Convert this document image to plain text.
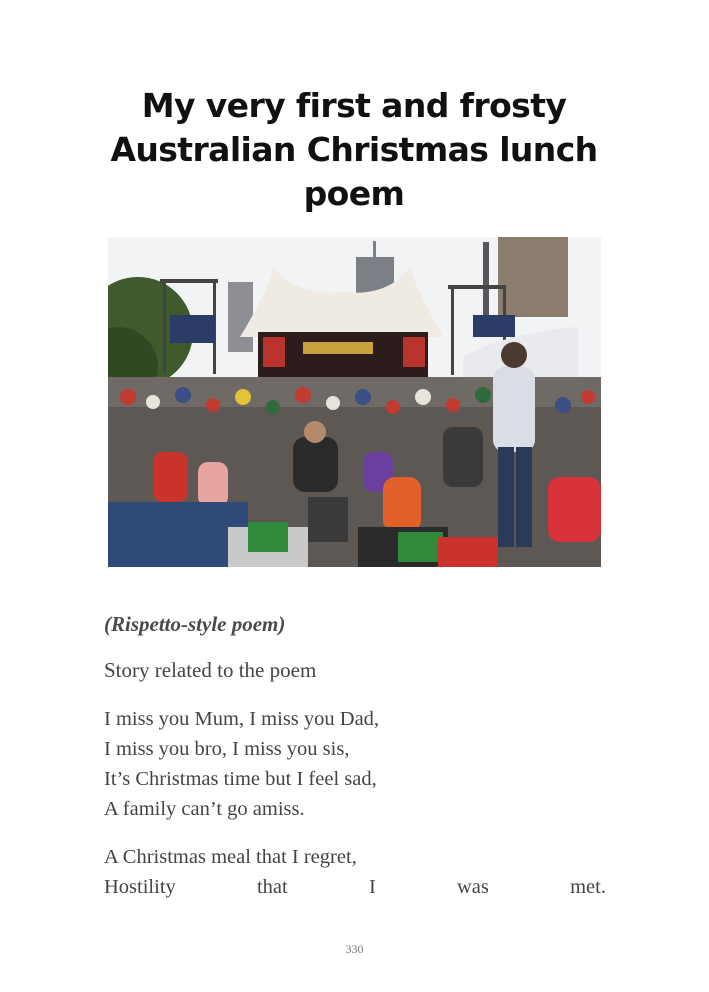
My very first and frosty
Australian Christmas lunch
poem
(Rispetto-style poem)
Story related to the poem
I miss you Mum, I miss you Dad,
I miss you bro, I miss you sis,
It’s Christmas time but I feel sad,
A family can’t go amiss.
A Christmas meal that I regret,
Hostility	that	I	was	met.
330
